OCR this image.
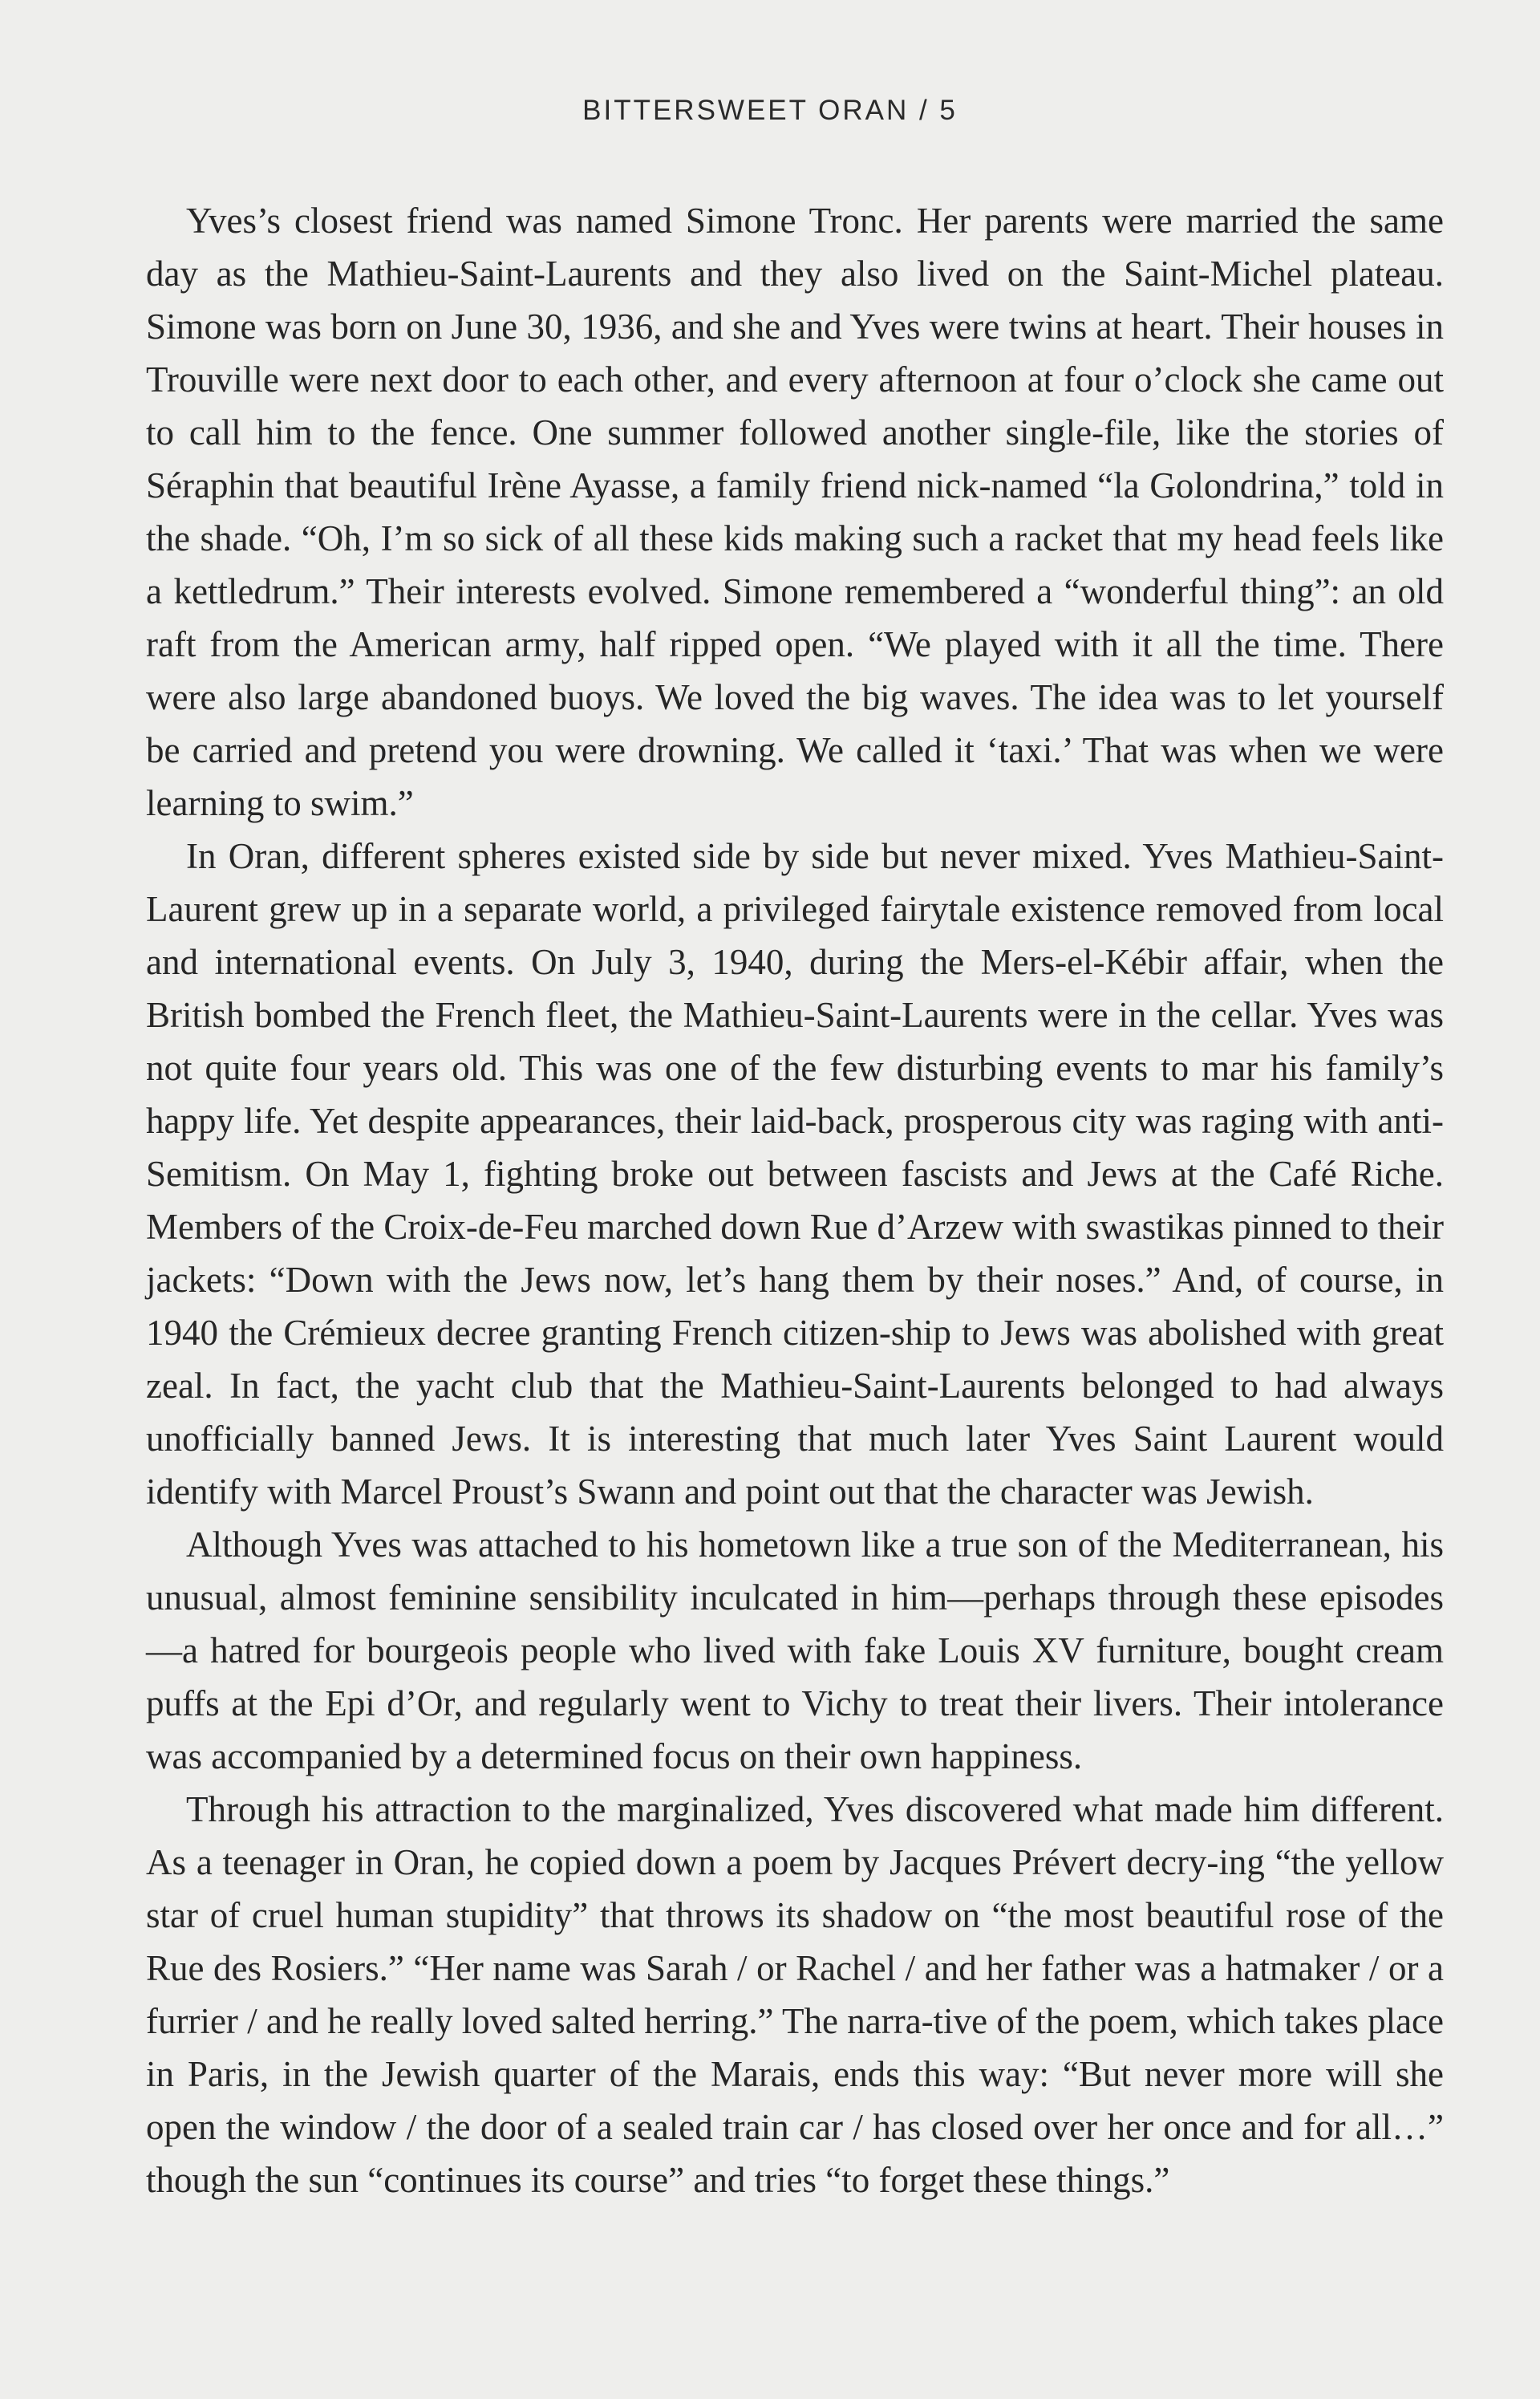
BITTERSWEET ORAN / 5

Yves’s closest friend was named Simone Tronc. Her parents were married the same day as the Mathieu-Saint-Laurents and they also lived on the Saint-Michel plateau. Simone was born on June 30, 1936, and she and Yves were twins at heart. Their houses in Trouville were next door to each other, and every afternoon at four o’clock she came out to call him to the fence. One summer followed another single-file, like the stories of Séraphin that beautiful Irène Ayasse, a family friend nick-named “la Golondrina,” told in the shade. “Oh, I’m so sick of all these kids making such a racket that my head feels like a kettledrum.” Their interests evolved. Simone remembered a “wonderful thing”: an old raft from the American army, half ripped open. “We played with it all the time. There were also large abandoned buoys. We loved the big waves. The idea was to let yourself be carried and pretend you were drowning. We called it ‘taxi.’ That was when we were learning to swim.”

In Oran, different spheres existed side by side but never mixed. Yves Mathieu-Saint-Laurent grew up in a separate world, a privileged fairytale existence removed from local and international events. On July 3, 1940, during the Mers-el-Kébir affair, when the British bombed the French fleet, the Mathieu-Saint-Laurents were in the cellar. Yves was not quite four years old. This was one of the few disturbing events to mar his family’s happy life. Yet despite appearances, their laid-back, prosperous city was raging with anti-Semitism. On May 1, fighting broke out between fascists and Jews at the Café Riche. Members of the Croix-de-Feu marched down Rue d’Arzew with swastikas pinned to their jackets: “Down with the Jews now, let’s hang them by their noses.” And, of course, in 1940 the Crémieux decree granting French citizen-ship to Jews was abolished with great zeal. In fact, the yacht club that the Mathieu-Saint-Laurents belonged to had always unofficially banned Jews. It is interesting that much later Yves Saint Laurent would identify with Marcel Proust’s Swann and point out that the character was Jewish.

Although Yves was attached to his hometown like a true son of the Mediterranean, his unusual, almost feminine sensibility inculcated in him—perhaps through these episodes—a hatred for bourgeois people who lived with fake Louis XV furniture, bought cream puffs at the Epi d’Or, and regularly went to Vichy to treat their livers. Their intolerance was accompanied by a determined focus on their own happiness.

Through his attraction to the marginalized, Yves discovered what made him different. As a teenager in Oran, he copied down a poem by Jacques Prévert decry-ing “the yellow star of cruel human stupidity” that throws its shadow on “the most beautiful rose of the Rue des Rosiers.” “Her name was Sarah / or Rachel / and her father was a hatmaker / or a furrier / and he really loved salted herring.” The narra-tive of the poem, which takes place in Paris, in the Jewish quarter of the Marais, ends this way: “But never more will she open the window / the door of a sealed train car / has closed over her once and for all…” though the sun “continues its course” and tries “to forget these things.”
